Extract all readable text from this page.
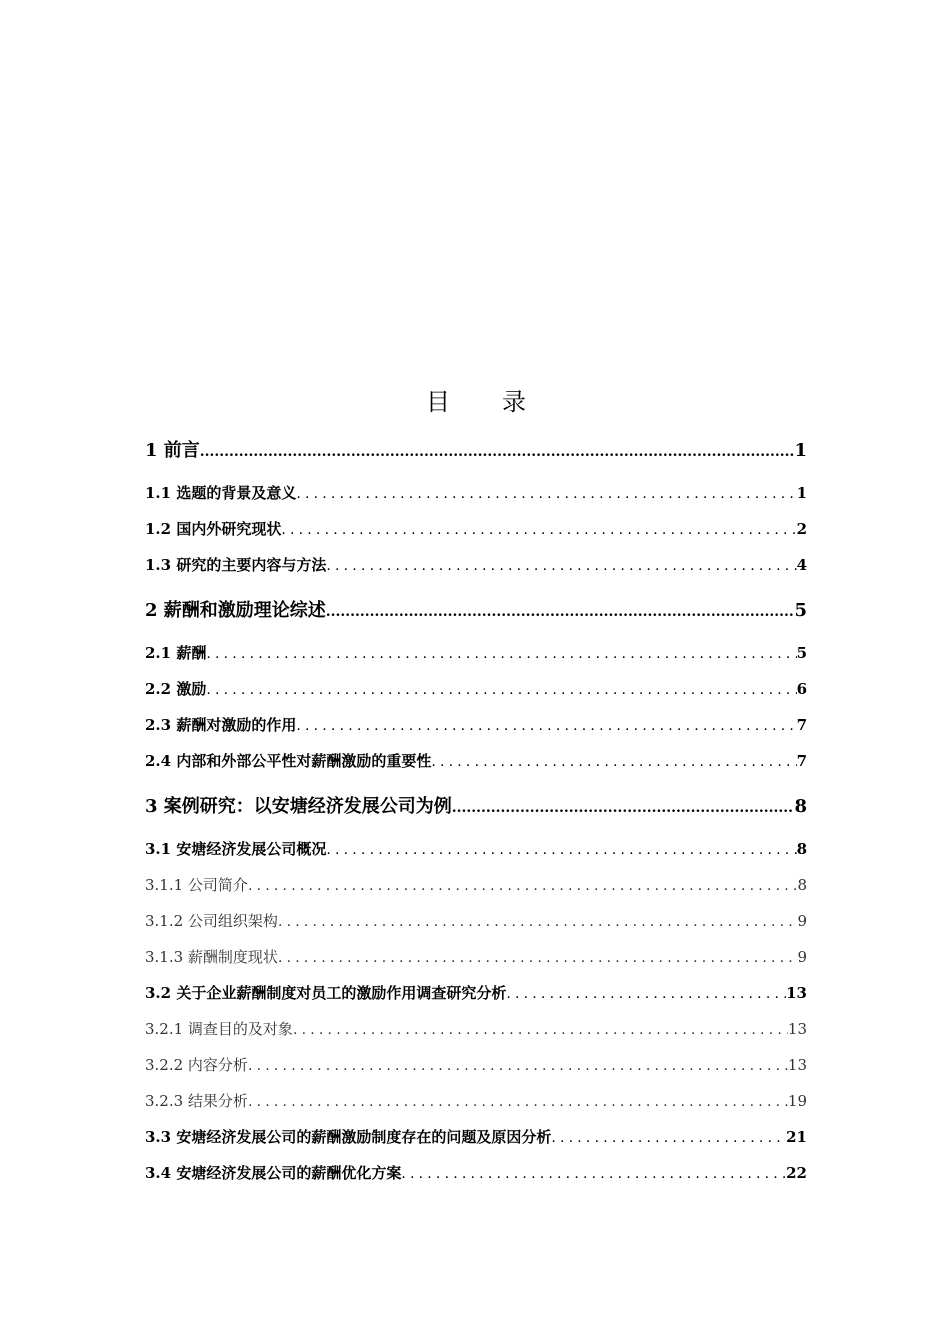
目录
1 前言 .....	1
1.1 选题的背景及意义 .....	1
1.2 国内外研究现状 .....	2
1.3 研究的主要内容与方法 .....	4
2 薪酬和激励理论综述 .....	5
2.1 薪酬 .....	5
2.2 激励 .....	6
2.3 薪酬对激励的作用 .....	7
2.4 内部和外部公平性对薪酬激励的重要性 .....	7
3 案例研究：以安塘经济发展公司为例 .....	8
3.1 安塘经济发展公司概况 .....	8
3.1.1 公司简介 .....	8
3.1.2 公司组织架构 .....	9
3.1.3 薪酬制度现状 .....	9
3.2 关于企业薪酬制度对员工的激励作用调查研究分析 .....	13
3.2.1 调查目的及对象 .....	13
3.2.2 内容分析 .....	13
3.2.3 结果分析 .....	19
3.3 安塘经济发展公司的薪酬激励制度存在的问题及原因分析 .....	21
3.4 安塘经济发展公司的薪酬优化方案 .....	22
